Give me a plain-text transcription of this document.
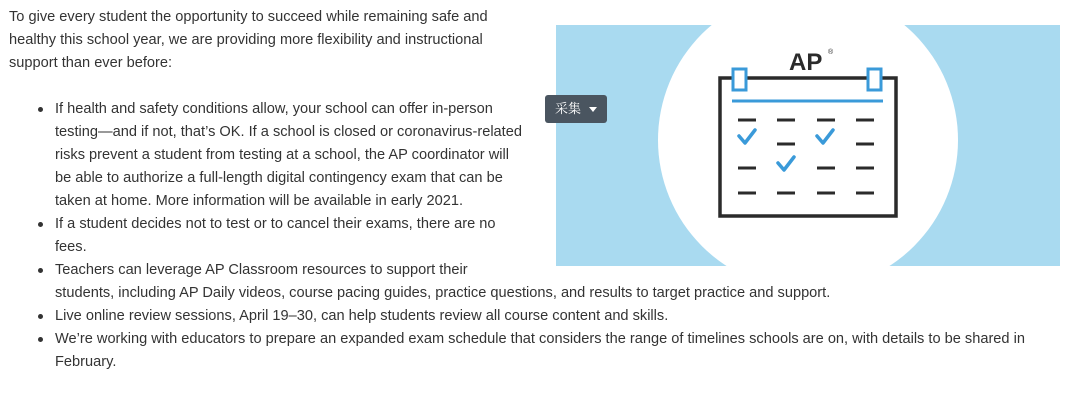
To give every student the opportunity to succeed while remaining safe and healthy this school year, we are providing more flexibility and instructional support than ever before:	AP ®
If health and safety conditions allow, your school can offer in-person testing—and if not, that’s OK. If a school is closed or coronavirus-related risks prevent a student from testing at a school, the AP coordinator will be able to authorize a full-length digital contingency exam that can be taken at home. More information will be available in early 2021.
If a student decides not to test or to cancel their exams, there are no fees.
Teachers can leverage AP Classroom resources to support their
students, including AP Daily videos, course pacing guides, practice questions, and results to target practice and support.
Live online review sessions, April 19–30, can help students review all course content and skills.
We’re working with educators to prepare an expanded exam schedule that considers the range of timelines schools are on, with details to be shared in February.
采集
